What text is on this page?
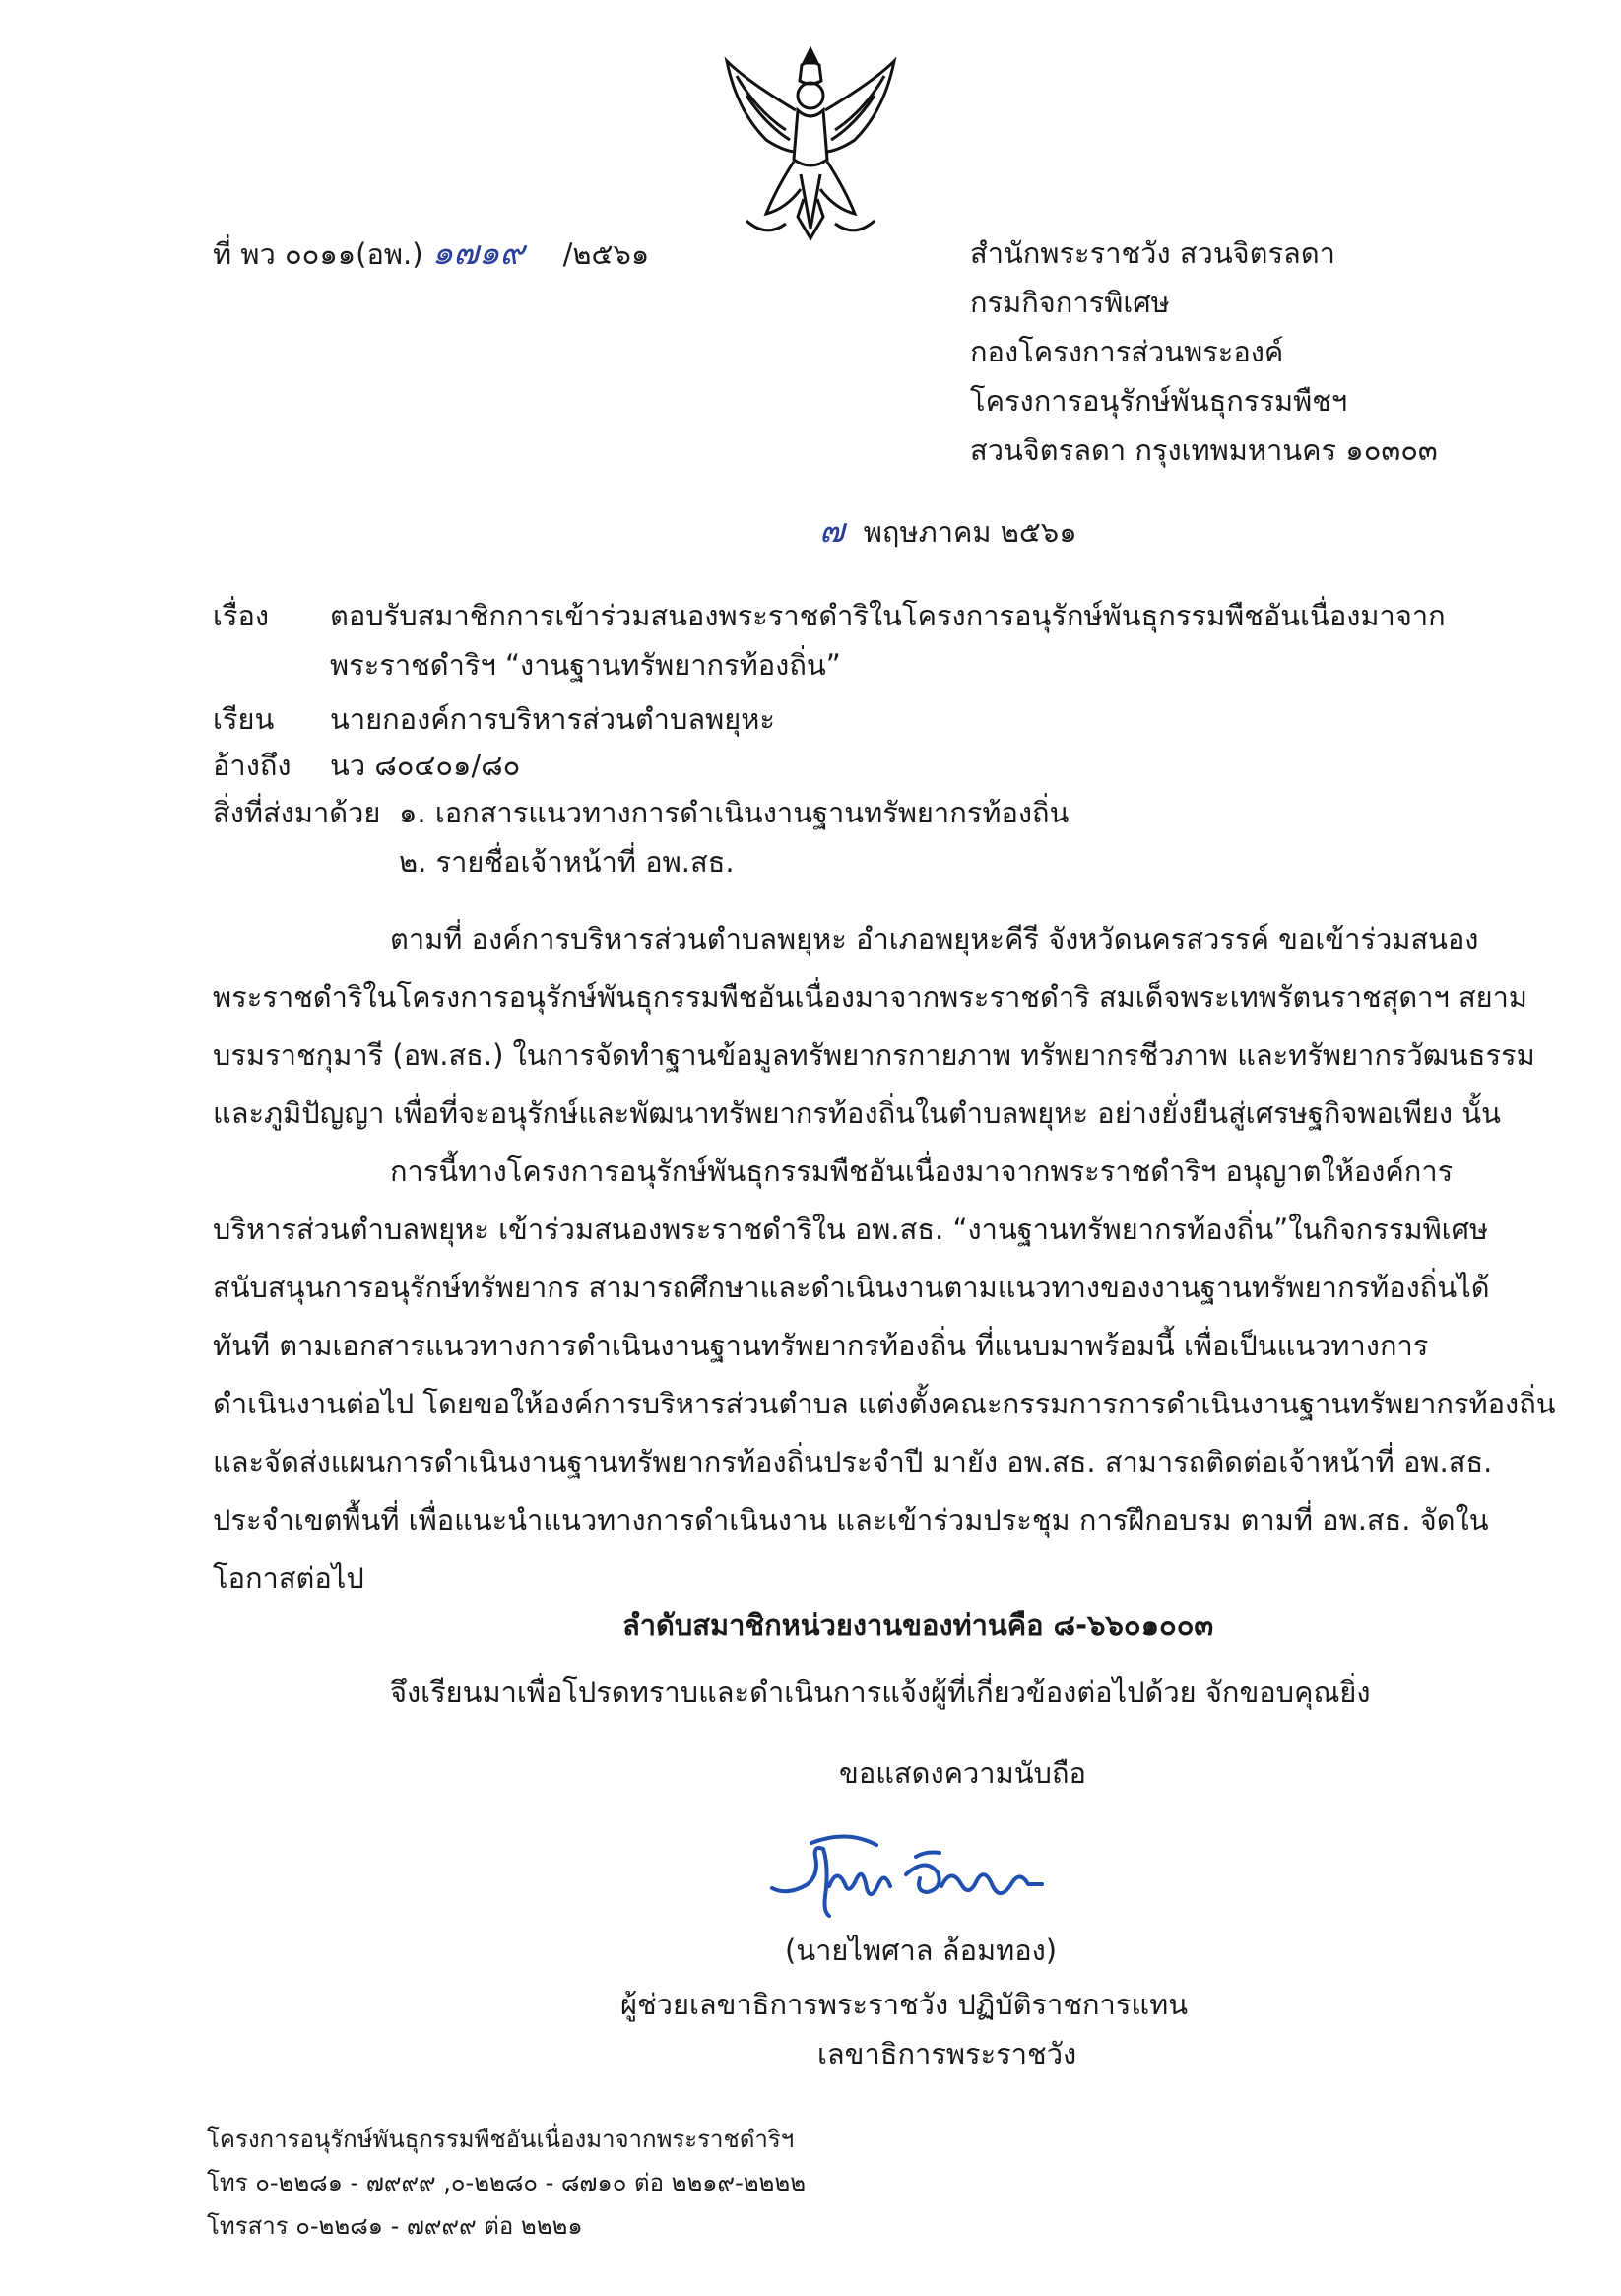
ที่ พว ๐๐๑๑(อพ.) ๑๗๑๙ /๒๕๖๑	สำนักพระราชวัง สวนจิตรลดา
กรมกิจการพิเศษ
กองโครงการส่วนพระองค์
โครงการอนุรักษ์พันธุกรรมพืชฯ
สวนจิตรลดา กรุงเทพมหานคร ๑๐๓๐๓
๗ พฤษภาคม ๒๕๖๑
เรื่อง ตอบรับสมาชิกการเข้าร่วมสนองพระราชดำริในโครงการอนุรักษ์พันธุกรรมพืชอันเนื่องมาจาก
พระราชดำริฯ “งานฐานทรัพยากรท้องถิ่น”
เรียน นายกองค์การบริหารส่วนตำบลพยุหะ
อ้างถึง นว ๘๐๔๐๑/๘๐
สิ่งที่ส่งมาด้วย ๑. เอกสารแนวทางการดำเนินงานฐานทรัพยากรท้องถิ่น
๒. รายชื่อเจ้าหน้าที่ อพ.สธ.
ตามที่ องค์การบริหารส่วนตำบลพยุหะ อำเภอพยุหะคีรี จังหวัดนครสวรรค์ ขอเข้าร่วมสนอง
พระราชดำริในโครงการอนุรักษ์พันธุกรรมพืชอันเนื่องมาจากพระราชดำริ สมเด็จพระเทพรัตนราชสุดาฯ สยาม
บรมราชกุมารี (อพ.สธ.) ในการจัดทำฐานข้อมูลทรัพยากรกายภาพ ทรัพยากรชีวภาพ และทรัพยากรวัฒนธรรม
และภูมิปัญญา เพื่อที่จะอนุรักษ์และพัฒนาทรัพยากรท้องถิ่นในตำบลพยุหะ อย่างยั่งยืนสู่เศรษฐกิจพอเพียง นั้น
การนี้ทางโครงการอนุรักษ์พันธุกรรมพืชอันเนื่องมาจากพระราชดำริฯ อนุญาตให้องค์การ
บริหารส่วนตำบลพยุหะ เข้าร่วมสนองพระราชดำริใน อพ.สธ. “งานฐานทรัพยากรท้องถิ่น”ในกิจกรรมพิเศษ
สนับสนุนการอนุรักษ์ทรัพยากร สามารถศึกษาและดำเนินงานตามแนวทางของงานฐานทรัพยากรท้องถิ่นได้
ทันที ตามเอกสารแนวทางการดำเนินงานฐานทรัพยากรท้องถิ่น ที่แนบมาพร้อมนี้ เพื่อเป็นแนวทางการ
ดำเนินงานต่อไป โดยขอให้องค์การบริหารส่วนตำบล แต่งตั้งคณะกรรมการการดำเนินงานฐานทรัพยากรท้องถิ่น
และจัดส่งแผนการดำเนินงานฐานทรัพยากรท้องถิ่นประจำปี มายัง อพ.สธ. สามารถติดต่อเจ้าหน้าที่ อพ.สธ.
ประจำเขตพื้นที่ เพื่อแนะนำแนวทางการดำเนินงาน และเข้าร่วมประชุม การฝึกอบรม ตามที่ อพ.สธ. จัดใน
โอกาสต่อไป
ลำดับสมาชิกหน่วยงานของท่านคือ ๘-๖๖๐๑๐๐๓
จึงเรียนมาเพื่อโปรดทราบและดำเนินการแจ้งผู้ที่เกี่ยวข้องต่อไปด้วย จักขอบคุณยิ่ง
ขอแสดงความนับถือ
(นายไพศาล ล้อมทอง)
ผู้ช่วยเลขาธิการพระราชวัง ปฏิบัติราชการแทน
เลขาธิการพระราชวัง
โครงการอนุรักษ์พันธุกรรมพืชอันเนื่องมาจากพระราชดำริฯ
โทร ๐-๒๒๘๑ - ๗๙๙๙ ,๐-๒๒๘๐ - ๘๗๑๐ ต่อ ๒๒๑๙-๒๒๒๒
โทรสาร ๐-๒๒๘๑ - ๗๙๙๙ ต่อ ๒๒๒๑
